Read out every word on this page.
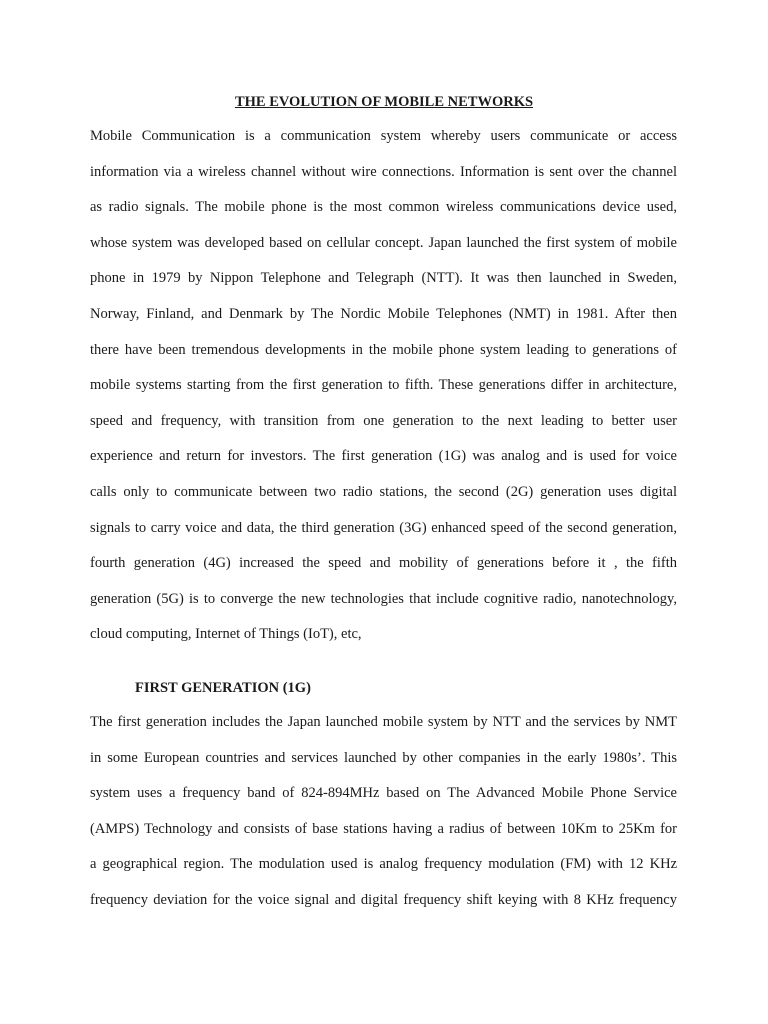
THE EVOLUTION OF MOBILE NETWORKS
Mobile Communication is a communication system whereby users communicate or access
information via a wireless channel without wire connections. Information is sent over the channel
as radio signals. The mobile phone is the most common wireless communications device used,
whose system was developed based on cellular concept. Japan launched the first system of mobile
phone in 1979 by Nippon Telephone and Telegraph (NTT). It was then launched in Sweden,
Norway, Finland, and Denmark by The Nordic Mobile Telephones (NMT) in 1981. After then
there have been tremendous developments in the mobile phone system leading to generations of
mobile systems starting from the first generation to fifth. These generations differ in architecture,
speed and frequency, with transition from one generation to the next leading to better user
experience and return for investors. The first generation (1G) was analog and is used for voice
calls only to communicate between two radio stations, the second (2G) generation uses digital
signals to carry voice and data, the third generation (3G) enhanced speed of the second generation,
fourth generation (4G) increased the speed and mobility of generations before it , the fifth
generation (5G) is to converge the new technologies that include cognitive radio, nanotechnology,
cloud computing, Internet of Things (IoT), etc,
FIRST GENERATION (1G)
The first generation includes the Japan launched mobile system by NTT and the services by NMT
in some European countries and services launched by other companies in the early 1980s’. This
system uses a frequency band of 824-894MHz based on The Advanced Mobile Phone Service
(AMPS) Technology and consists of base stations having a radius of between 10Km to 25Km for
a geographical region. The modulation used is analog frequency modulation (FM) with 12 KHz
frequency deviation for the voice signal and digital frequency shift keying with 8 KHz frequency
